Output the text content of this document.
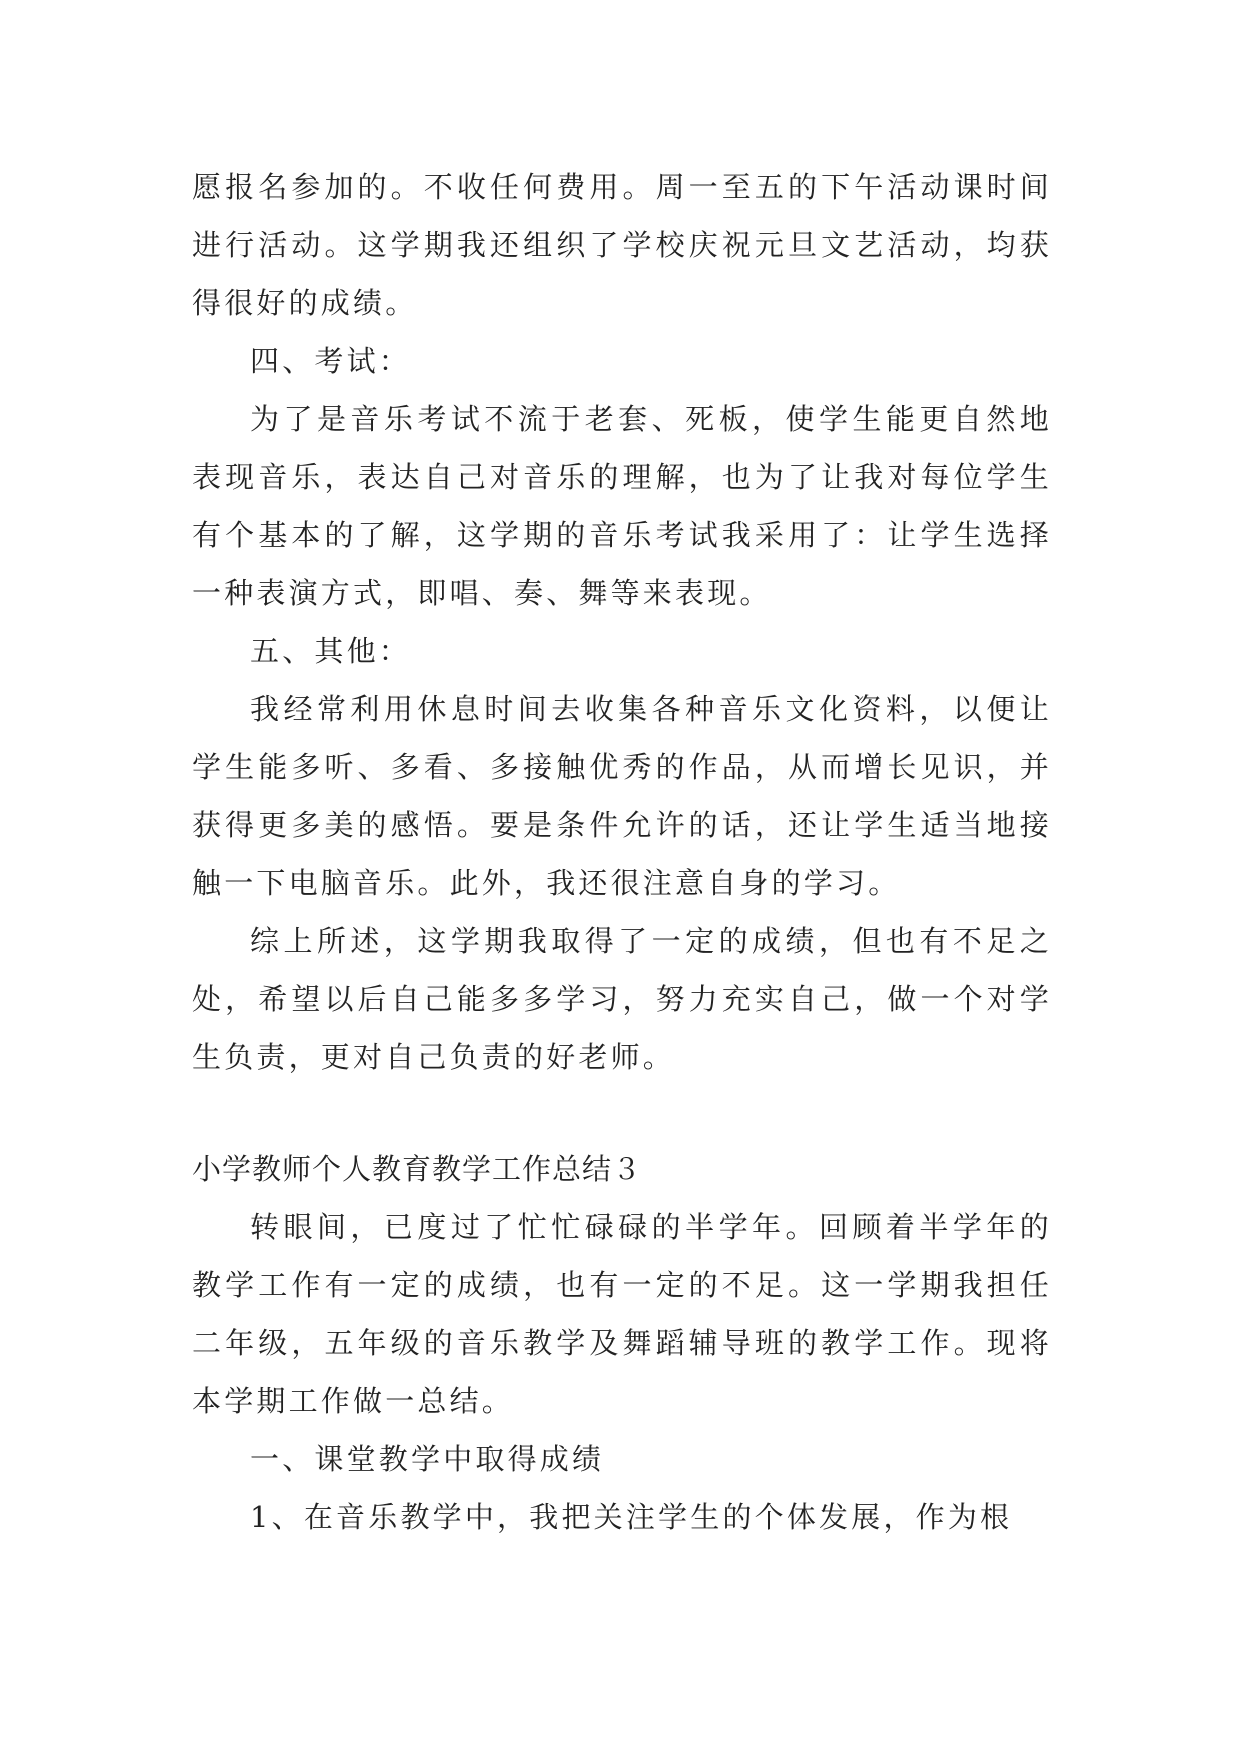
愿报名参加的。不收任何费用。周一至五的下午活动课时间进行活动。这学期我还组织了学校庆祝元旦文艺活动，均获得很好的成绩。

四、考试：

为了是音乐考试不流于老套、死板，使学生能更自然地表现音乐，表达自己对音乐的理解，也为了让我对每位学生有个基本的了解，这学期的音乐考试我采用了：让学生选择一种表演方式，即唱、奏、舞等来表现。

五、其他：

我经常利用休息时间去收集各种音乐文化资料，以便让学生能多听、多看、多接触优秀的作品，从而增长见识，并获得更多美的感悟。要是条件允许的话，还让学生适当地接触一下电脑音乐。此外，我还很注意自身的学习。

综上所述，这学期我取得了一定的成绩，但也有不足之处，希望以后自己能多多学习，努力充实自己，做一个对学生负责，更对自己负责的好老师。

小学教师个人教育教学工作总结３

转眼间，已度过了忙忙碌碌的半学年。回顾着半学年的教学工作有一定的成绩，也有一定的不足。这一学期我担任二年级，五年级的音乐教学及舞蹈辅导班的教学工作。现将本学期工作做一总结。

一、课堂教学中取得成绩

1、在音乐教学中，我把关注学生的个体发展，作为根
